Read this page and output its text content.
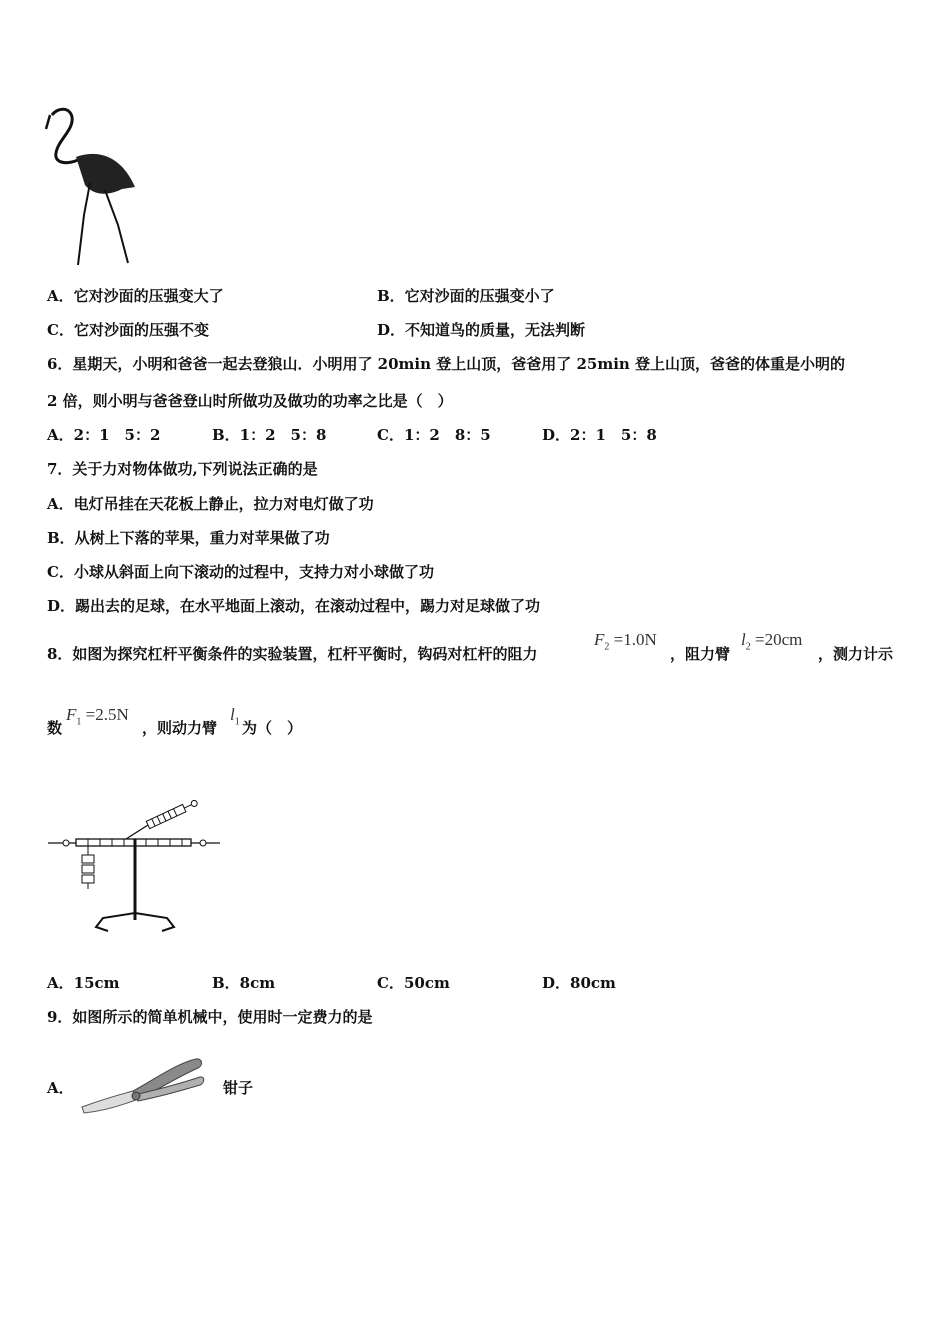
A．它对沙面的压强变大了	B．它对沙面的压强变小了
C．它对沙面的压强不变	D．不知道鸟的质量，无法判断
6．星期天，小明和爸爸一起去登狼山．小明用了 20min 登上山顶，爸爸用了 25min 登上山顶，爸爸的体重是小明的
2 倍，则小明与爸爸登山时所做功及做功的功率之比是（　）
A．2：1　5：2	B．1：2　5：8	C．1：2　8：5	D．2：1　5：8
7．关于力对物体做功,下列说法正确的是
A．电灯吊挂在天花板上静止，拉力对电灯做了功
B．从树上下落的苹果，重力对苹果做了功
C．小球从斜面上向下滚动的过程中，支持力对小球做了功
D．踢出去的足球，在水平地面上滚动，在滚动过程中，踢力对足球做了功
8．如图为探究杠杆平衡条件的实验装置，杠杆平衡时，钩码对杠杆的阻力
$F_2 =1.0N$
，阻力臂
$l_2 =20cm$
，测力计示
数
$F_1 =2.5N$
，则动力臂
$l_1$ 为（　）
A．15cm	B．8cm	C．50cm	D．80cm
9．如图所示的简单机械中，使用时一定费力的是
A．	钳子
